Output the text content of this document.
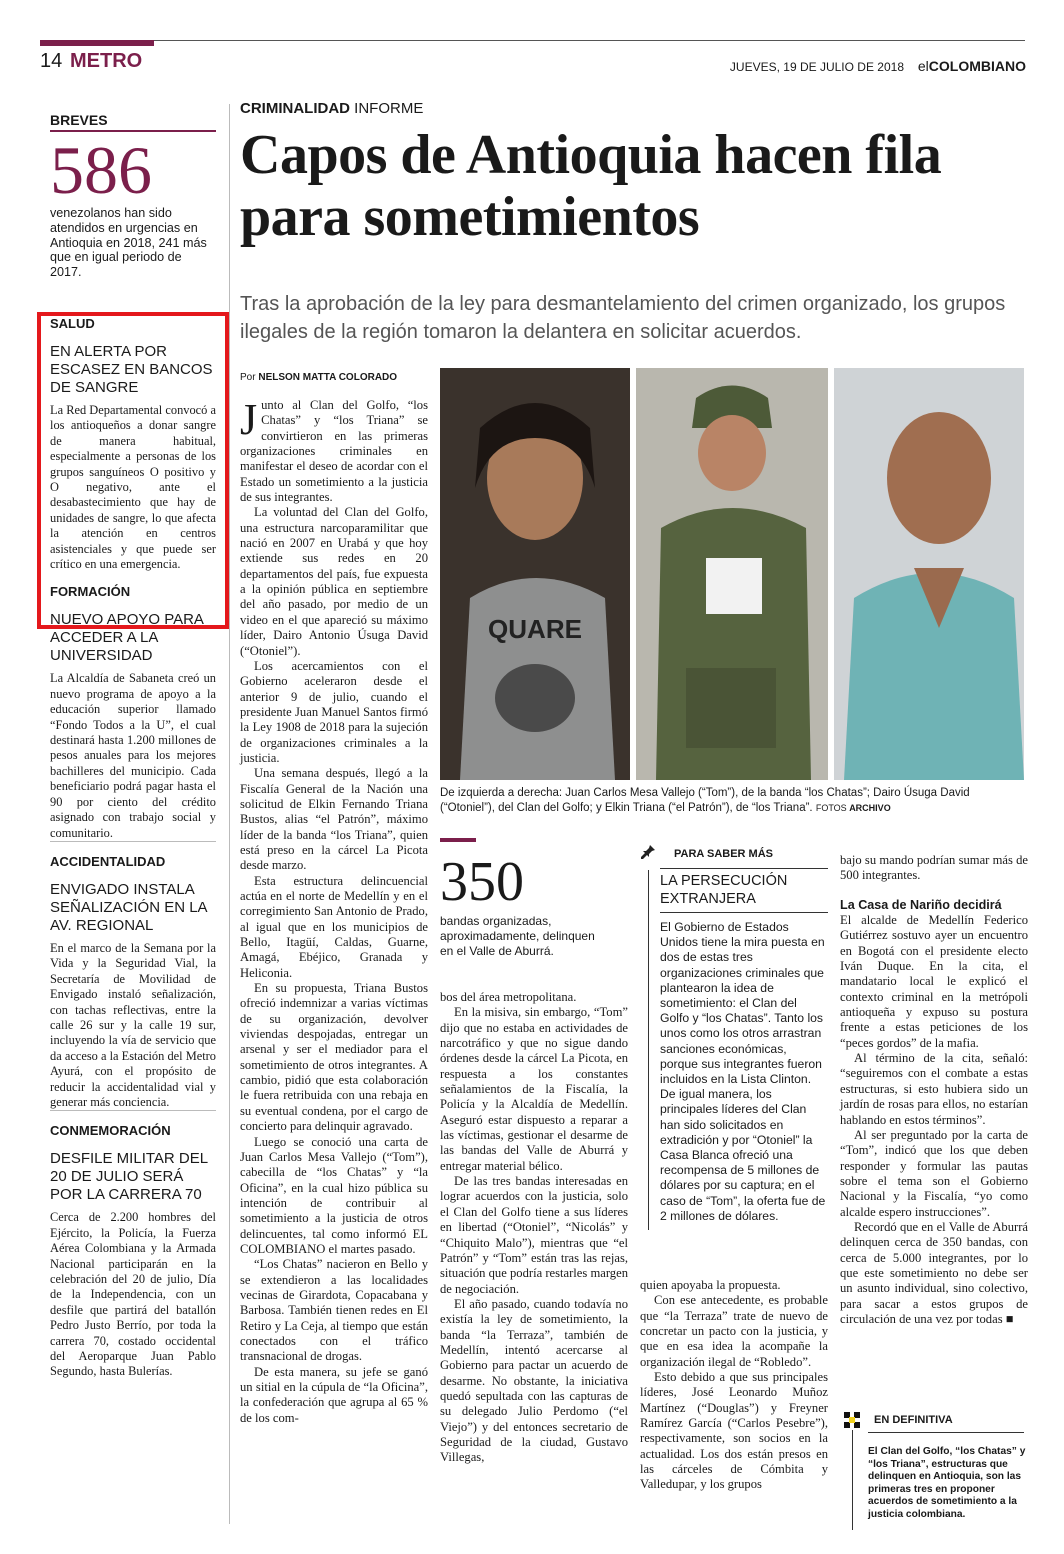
14 METRO	JUEVES, 19 DE JULIO DE 2018 elCOLOMBIANO
BREVES
586

venezolanos han sido atendidos en urgencias en Antioquia en 2018, 241 más que en igual periodo de 2017.

SALUD

EN ALERTA POR ESCASEZ EN BANCOS DE SANGRE

La Red Departamental convocó a los antioqueños a donar sangre de manera habitual, especialmente a personas de los grupos sanguíneos O positivo y O negativo, ante el desabastecimiento que hay de unidades de sangre, lo que afecta la atención en centros asistenciales y que puede ser crítico en una emergencia.

FORMACIÓN

NUEVO APOYO PARA ACCEDER A LA UNIVERSIDAD

La Alcaldía de Sabaneta creó un nuevo programa de apoyo a la educación superior llamado “Fondo Todos a la U”, el cual destinará hasta 1.200 millones de pesos anuales para los mejores bachilleres del municipio. Cada beneficiario podrá pagar hasta el 90 por ciento del crédito asignado con trabajo social y comunitario.

ACCIDENTALIDAD

ENVIGADO INSTALA SEÑALIZACIÓN EN LA AV. REGIONAL

En el marco de la Semana por la Vida y la Seguridad Vial, la Secretaría de Movilidad de Envigado instaló señalización, con tachas reflectivas, entre la calle 26 sur y la calle 19 sur, incluyendo la vía de servicio que da acceso a la Estación del Metro Ayurá, con el propósito de reducir la accidentalidad vial y generar más conciencia.

CONMEMORACIÓN

DESFILE MILITAR DEL 20 DE JULIO SERÁ POR LA CARRERA 70

Cerca de 2.200 hombres del Ejército, la Policía, la Fuerza Aérea Colombiana y la Armada Nacional participarán en la celebración del 20 de julio, Día de la Independencia, con un desfile que partirá del batallón Pedro Justo Berrío, por toda la carrera 70, costado occidental del Aeroparque Juan Pablo Segundo, hasta Bulerías.

CRIMINALIDAD INFORME
Capos de Antioquia hacen fila para sometimientos

Tras la aprobación de la ley para desmantelamiento del crimen organizado, los grupos ilegales de la región tomaron la delantera en solicitar acuerdos.

Por NELSON MATTA COLORADO

Junto al Clan del Golfo, “los Chatas” y “los Triana” se convirtieron en las primeras organizaciones criminales en manifestar el deseo de acordar con el Estado un sometimiento a la justicia de sus integrantes.

La voluntad del Clan del Golfo, una estructura narcoparamilitar que nació en 2007 en Urabá y que hoy extiende sus redes en 20 departamentos del país, fue expuesta a la opinión pública en septiembre del año pasado, por medio de un video en el que apareció su máximo líder, Dairo Antonio Úsuga David (“Otoniel”).

Los acercamientos con el Gobierno aceleraron desde el anterior 9 de julio, cuando el presidente Juan Manuel Santos firmó la Ley 1908 de 2018 para la sujeción de organizaciones criminales a la justicia.

Una semana después, llegó a la Fiscalía General de la Nación una solicitud de Elkin Fernando Triana Bustos, alias “el Patrón”, máximo líder de la banda “los Triana”, quien está preso en la cárcel La Picota desde marzo.

Esta estructura delincuencial actúa en el norte de Medellín y en el corregimiento San Antonio de Prado, al igual que en los municipios de Bello, Itagüí, Caldas, Guarne, Amagá, Ebéjico, Granada y Heliconia.

En su propuesta, Triana Bustos ofreció indemnizar a varias víctimas de su organización, devolver viviendas despojadas, entregar un arsenal y ser el mediador para el sometimiento de otros integrantes. A cambio, pidió que esta colaboración le fuera retribuida con una rebaja en su eventual condena, por el cargo de concierto para delinquir agravado.

Luego se conoció una carta de Juan Carlos Mesa Vallejo (“Tom”), cabecilla de “los Chatas” y “la Oficina”, en la cual hizo pública su intención de contribuir al sometimiento a la justicia de otros delincuentes, tal como informó EL COLOMBIANO el martes pasado.

“Los Chatas” nacieron en Bello y se extendieron a las localidades vecinas de Girardota, Copacabana y Barbosa. También tienen redes en El Retiro y La Ceja, al tiempo que están conectados con el tráfico transnacional de drogas.

De esta manera, su jefe se ganó un sitial en la cúpula de “la Oficina”, la confederación que agrupa al 65 % de los com-

QUARE
De izquierda a derecha: Juan Carlos Mesa Vallejo (“Tom”), de la banda “los Chatas”; Dairo Úsuga David (“Otoniel”), del Clan del Golfo; y Elkin Triana (“el Patrón”), de “los Triana”. FOTOS ARCHIVO
350
bandas organizadas, aproximadamente, delinquen en el Valle de Aburrá.

bos del área metropolitana.

En la misiva, sin embargo, “Tom” dijo que no estaba en actividades de narcotráfico y que no sigue dando órdenes desde la cárcel La Picota, en respuesta a los constantes señalamientos de la Fiscalía, la Policía y la Alcaldía de Medellín. Aseguró estar dispuesto a reparar a las víctimas, gestionar el desarme de las bandas del Valle de Aburrá y entregar material bélico.

De las tres bandas interesadas en lograr acuerdos con la justicia, solo el Clan del Golfo tiene a sus líderes en libertad (“Otoniel”, “Nicolás” y “Chiquito Malo”), mientras que “el Patrón” y “Tom” están tras las rejas, situación que podría restarles margen de negociación.

El año pasado, cuando todavía no existía la ley de sometimiento, la banda “la Terraza”, también de Medellín, intentó acercarse al Gobierno para pactar un acuerdo de desarme. No obstante, la iniciativa quedó sepultada con las capturas de su delegado Julio Perdomo (“el Viejo”) y del entonces secretario de Seguridad de la ciudad, Gustavo Villegas,

PARA SABER MÁS

LA PERSECUCIÓN EXTRANJERA

El Gobierno de Estados Unidos tiene la mira puesta en dos de estas tres organizaciones criminales que plantearon la idea de sometimiento: el Clan del Golfo y “los Chatas”. Tanto los unos como los otros arrastran sanciones económicas, porque sus integrantes fueron incluidos en la Lista Clinton. De igual manera, los principales líderes del Clan han sido solicitados en extradición y por “Otoniel” la Casa Blanca ofreció una recompensa de 5 millones de dólares por su captura; en el caso de “Tom”, la oferta fue de 2 millones de dólares.

quien apoyaba la propuesta.

Con ese antecedente, es probable que “la Terraza” trate de nuevo de concretar un pacto con la justicia, y que en esa idea la acompañe la organización ilegal de “Robledo”.

Esto debido a que sus principales líderes, José Leonardo Muñoz Martínez (“Douglas”) y Freyner Ramírez García (“Carlos Pesebre”), respectivamente, son socios en la actualidad. Los dos están presos en las cárceles de Cómbita y Valledupar, y los grupos

bajo su mando podrían sumar más de 500 integrantes.

La Casa de Nariño decidirá

El alcalde de Medellín Federico Gutiérrez sostuvo ayer un encuentro en Bogotá con el presidente electo Iván Duque. En la cita, el mandatario local le explicó el contexto criminal en la metrópoli antioqueña y expuso su postura frente a estas peticiones de los “peces gordos” de la mafia.

Al término de la cita, señaló: “seguiremos con el combate a estas estructuras, si esto hubiera sido un jardín de rosas para ellos, no estarían hablando en estos términos”.

Al ser preguntado por la carta de “Tom”, indicó que los que deben responder y formular las pautas sobre el tema son el Gobierno Nacional y la Fiscalía, “yo como alcalde espero instrucciones”.

Recordó que en el Valle de Aburrá delinquen cerca de 350 bandas, con cerca de 5.000 integrantes, por lo que este sometimiento no debe ser un asunto individual, sino colectivo, para sacar a estos grupos de circulación de una vez por todas ■

EN DEFINITIVA

El Clan del Golfo, “los Chatas” y “los Triana”, estructuras que delinquen en Antioquia, son las primeras tres en proponer acuerdos de sometimiento a la justicia colombiana.
